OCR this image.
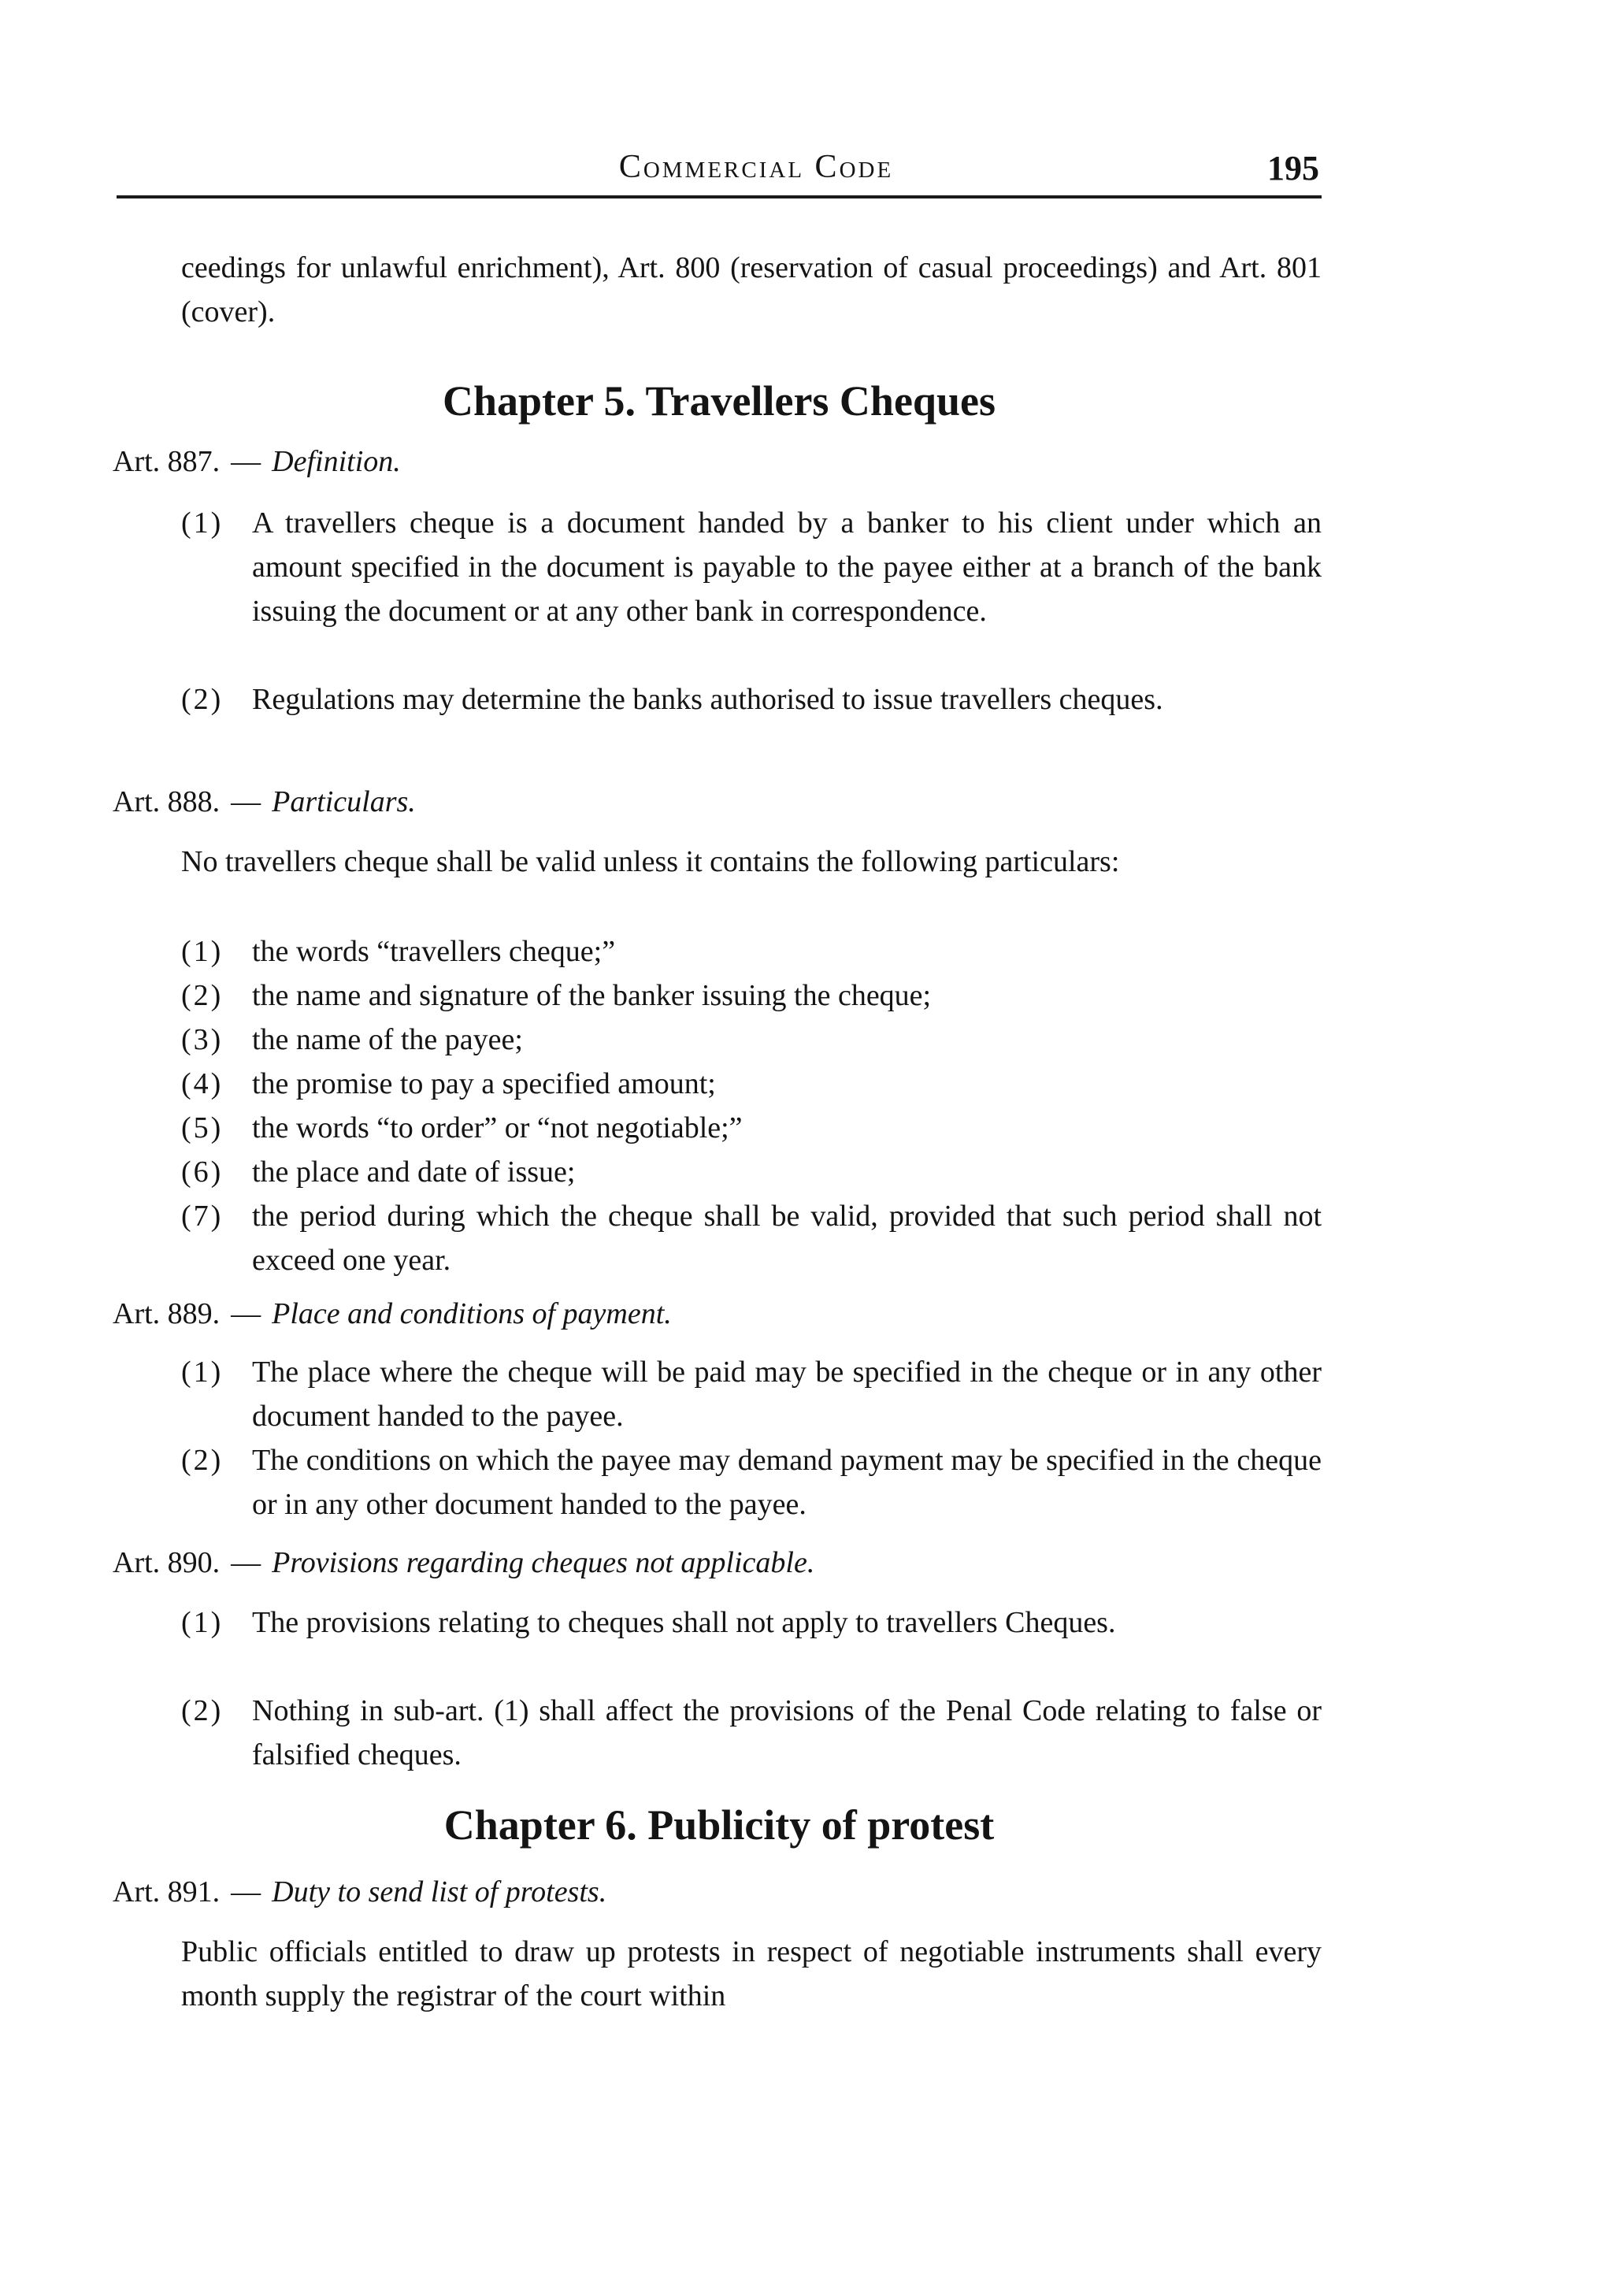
Commercial Code	195

ceedings for unlawful enrichment), Art. 800 (reservation of casual proceedings) and Art. 801 (cover).

Chapter 5. Travellers Cheques
Art. 887. — Definition.
(1) A travellers cheque is a document handed by a banker to his client under which an amount specified in the document is payable to the payee either at a branch of the bank issuing the document or at any other bank in correspondence.
(2) Regulations may determine the banks authorised to issue travellers cheques.
Art. 888. — Particulars.

No travellers cheque shall be valid unless it contains the following particulars:

(1) the words “travellers cheque;”
(2) the name and signature of the banker issuing the cheque;
(3) the name of the payee;
(4) the promise to pay a specified amount;
(5) the words “to order” or “not negotiable;”
(6) the place and date of issue;
(7) the period during which the cheque shall be valid, provided that such period shall not exceed one year.
Art. 889. — Place and conditions of payment.
(1) The place where the cheque will be paid may be specified in the cheque or in any other document handed to the payee.
(2) The conditions on which the payee may demand payment may be specified in the cheque or in any other document handed to the payee.
Art. 890. — Provisions regarding cheques not applicable.
(1) The provisions relating to cheques shall not apply to travellers Cheques.
(2) Nothing in sub-art. (1) shall affect the provisions of the Penal Code relating to false or falsified cheques.
Chapter 6. Publicity of protest
Art. 891. — Duty to send list of protests.

Public officials entitled to draw up protests in respect of negotiable instruments shall every month supply the registrar of the court within
